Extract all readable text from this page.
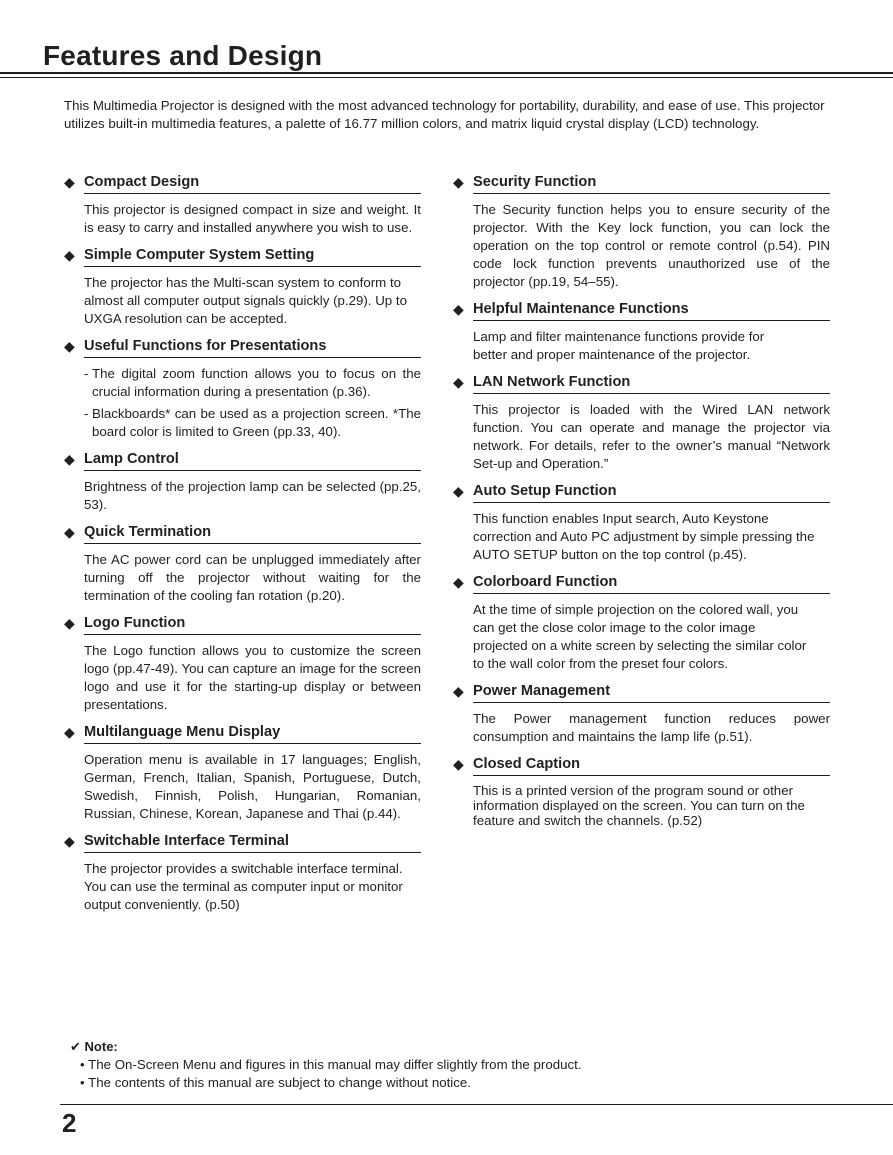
Features and Design
This Multimedia Projector is designed with the most advanced technology for portability, durability, and ease of use. This projector utilizes built-in multimedia features, a palette of 16.77 million colors, and matrix liquid crystal display (LCD) technology.
◆ Compact Design
This projector is designed compact in size and weight. It is easy to carry and installed anywhere you wish to use.
◆ Simple Computer System Setting
The projector has the Multi-scan system to conform to almost all computer output signals quickly (p.29). Up to UXGA resolution can be accepted.
◆ Useful Functions for Presentations
- The digital zoom function allows you to focus on the crucial information during a presentation (p.36).
- Blackboards* can be used as a projection screen. *The board color is limited to Green (pp.33, 40).
◆ Lamp Control
Brightness of the projection lamp can be selected (pp.25, 53).
◆ Quick Termination
The AC power cord can be unplugged immediately after turning off the projector without waiting for the termination of the cooling fan rotation (p.20).
◆ Logo Function
The Logo function allows you to customize the screen logo (pp.47-49). You can capture an image for the screen logo and use it for the starting-up display or between presentations.
◆ Multilanguage Menu Display
Operation menu is available in 17 languages; English, German, French, Italian, Spanish, Portuguese, Dutch, Swedish, Finnish, Polish, Hungarian, Romanian, Russian, Chinese, Korean, Japanese and Thai (p.44).
◆ Switchable Interface Terminal
The projector provides a switchable interface terminal. You can use the terminal as computer input or monitor output conveniently. (p.50)
◆ Security Function
The Security function helps you to ensure security of the projector. With the Key lock function, you can lock the operation on the top control or remote control (p.54). PIN code lock function prevents unauthorized use of the projector (pp.19, 54–55).
◆ Helpful Maintenance Functions
Lamp and filter maintenance functions provide for better and proper maintenance of the projector.
◆ LAN Network Function
This projector is loaded with the Wired LAN network function. You can operate and manage the projector via network. For details, refer to the owner’s manual “Network Set-up and Operation.”
◆ Auto Setup Function
This function enables Input search, Auto Keystone correction and Auto PC adjustment by simple pressing the AUTO SETUP button on the top control (p.45).
◆ Colorboard Function
At the time of simple projection on the colored wall, you can get the close color image to the color image projected on a white screen by selecting the similar color to the wall color from the preset four colors.
◆ Power Management
The Power management function reduces power consumption and maintains the lamp life (p.51).
◆ Closed Caption
This is a printed version of the program sound or other information displayed on the screen. You can turn on the feature and switch the channels. (p.52)
✔ Note:
• The On-Screen Menu and figures in this manual may differ slightly from the product.
• The contents of this manual are subject to change without notice.
2
